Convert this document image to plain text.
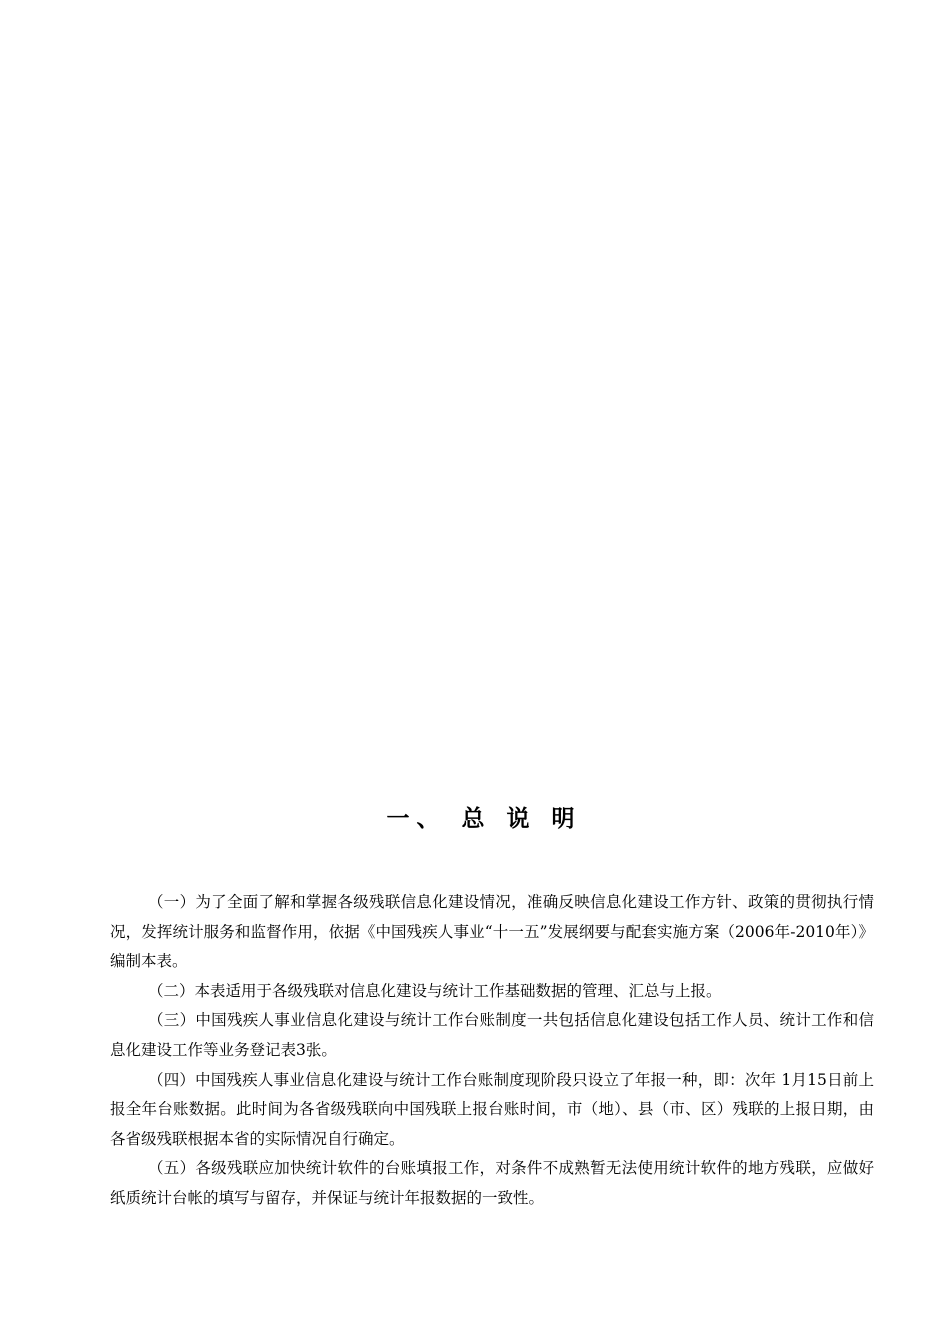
一、 总 说 明

（一）为了全面了解和掌握各级残联信息化建设情况，准确反映信息化建设工作方针、政策的贯彻执行情况，发挥统计服务和监督作用，依据《中国残疾人事业“十一五”发展纲要与配套实施方案（2006年-2010年）》编制本表。

（二）本表适用于各级残联对信息化建设与统计工作基础数据的管理、汇总与上报。

（三）中国残疾人事业信息化建设与统计工作台账制度一共包括信息化建设包括工作人员、统计工作和信息化建设工作等业务登记表3张。

（四）中国残疾人事业信息化建设与统计工作台账制度现阶段只设立了年报一种，即：次年 1月15日前上报全年台账数据。此时间为各省级残联向中国残联上报台账时间，市（地）、县（市、区）残联的上报日期，由各省级残联根据本省的实际情况自行确定。

（五）各级残联应加快统计软件的台账填报工作，对条件不成熟暂无法使用统计软件的地方残联，应做好纸质统计台帐的填写与留存，并保证与统计年报数据的一致性。
